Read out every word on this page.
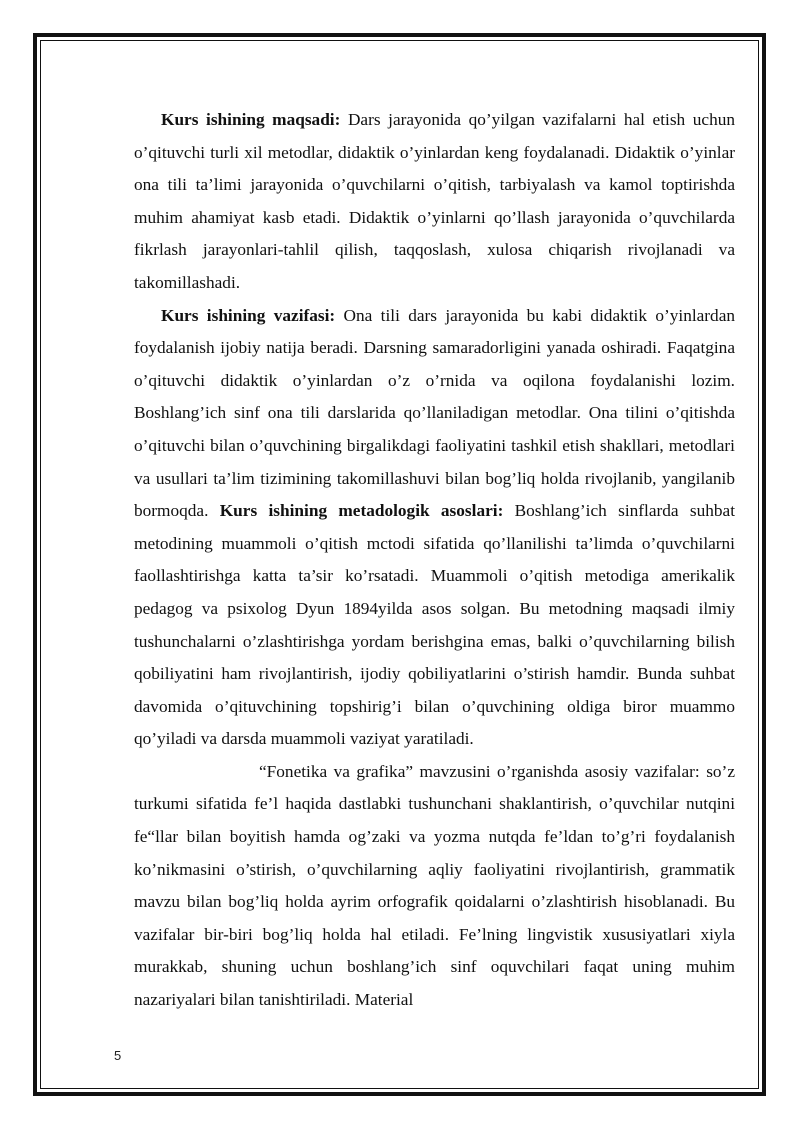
Kurs ishining maqsadi: Dars jarayonida qo’yilgan vazifalarni hal etish uchun o’qituvchi turli xil metodlar, didaktik o’yinlardan keng foydalanadi. Didaktik o’yinlar ona tili ta’limi jarayonida o’quvchilarni o’qitish, tarbiyalash va kamol toptirishda muhim ahamiyat kasb etadi. Didaktik o’yinlarni qo’llash jarayonida o’quvchilarda fikrlash jarayonlari-tahlil qilish, taqqoslash, xulosa chiqarish rivojlanadi va takomillashadi.

Kurs ishining vazifasi: Ona tili dars jarayonida bu kabi didaktik o’yinlardan foydalanish ijobiy natija beradi. Darsning samaradorligini yanada oshiradi. Faqatgina o’qituvchi didaktik o’yinlardan o’z o’rnida va oqilona foydalanishi lozim. Boshlang’ich sinf ona tili darslarida qo’llaniladigan metodlar. Ona tilini o’qitishda o’qituvchi bilan o’quvchining birgalikdagi faoliyatini tashkil etish shakllari, metodlari va usullari ta’lim tizimining takomillashuvi bilan bog’liq holda rivojlanib, yangilanib bormoqda. Kurs ishining metadologik asoslari: Boshlang’ich sinflarda suhbat metodining muammoli o’qitish mctodi sifatida qo’llanilishi ta’limda o’quvchilarni faollashtirishga katta ta’sir ko’rsatadi. Muammoli o’qitish metodiga amerikalik pedagog va psixolog Dyun 1894yilda asos solgan. Bu metodning maqsadi ilmiy tushunchalarni o’zlashtirishga yordam berishgina emas, balki o’quvchilarning bilish qobiliyatini ham rivojlantirish, ijodiy qobiliyatlarini o’stirish hamdir. Bunda suhbat davomida o’qituvchining topshirig’i bilan o’quvchining oldiga biror muammo qo’yiladi va darsda muammoli vaziyat yaratiladi.

“Fonetika va grafika” mavzusini o’rganishda asosiy vazifalar: so’z turkumi sifatida fe’l haqida dastlabki tushunchani shaklantirish, o’quvchilar nutqini fe“llar bilan boyitish hamda og’zaki va yozma nutqda fe’ldan to’g’ri foydalanish ko’nikmasini o’stirish, o’quvchilarning aqliy faoliyatini rivojlantirish, grammatik mavzu bilan bog’liq holda ayrim orfografik qoidalarni o’zlashtirish hisoblanadi. Bu vazifalar bir-biri bog’liq holda hal etiladi. Fe’lning lingvistik xususiyatlari xiyla murakkab, shuning uchun boshlang’ich sinf oquvchilari faqat uning muhim nazariyalari bilan tanishtiriladi. Material

5
